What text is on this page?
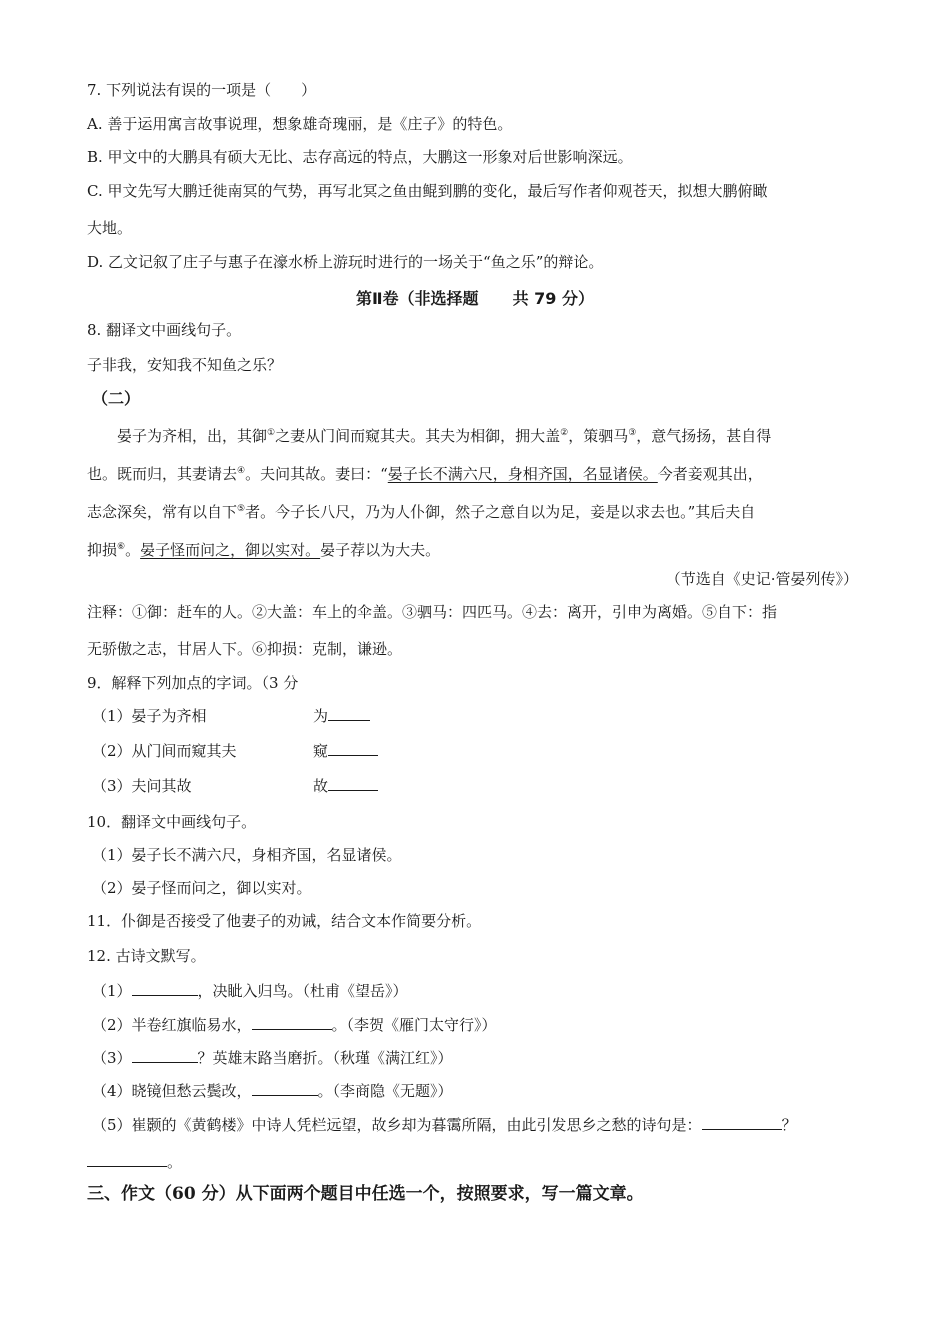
7. 下列说法有误的一项是（　　）
A. 善于运用寓言故事说理，想象雄奇瑰丽，是《庄子》的特色。
B. 甲文中的大鹏具有硕大无比、志存高远的特点，大鹏这一形象对后世影响深远。
C. 甲文先写大鹏迁徙南冥的气势，再写北冥之鱼由鲲到鹏的变化，最后写作者仰观苍天，拟想大鹏俯瞰
大地。
D. 乙文记叙了庄子与惠子在濠水桥上游玩时进行的一场关于“鱼之乐”的辩论。
第Ⅱ卷（非选择题 共 79 分）
8. 翻译文中画线句子。
子非我，安知我不知鱼之乐？
（二）
晏子为齐相，出，其御①之妻从门间而窥其夫。其夫为相御，拥大盖②，策驷马③，意气扬扬，甚自得
也。既而归，其妻请去④。夫问其故。妻曰：“晏子长不满六尺，身相齐国，名显诸侯。今者妾观其出，
志念深矣，常有以自下⑤者。今子长八尺，乃为人仆御，然子之意自以为足，妾是以求去也。”其后夫自
抑损⑥。晏子怪而问之，御以实对。晏子荐以为大夫。
（节选自《史记·管晏列传》）
注释：①御：赶车的人。②大盖：车上的伞盖。③驷马：四匹马。④去：离开，引申为离婚。⑤自下：指
无骄傲之志，甘居人下。⑥抑损：克制，谦逊。
9．解释下列加点的字词。（3 分
（1）晏子为齐相	为
（2）从门间而窥其夫	窥
（3）夫问其故	故
10．翻译文中画线句子。
（1）晏子长不满六尺，身相齐国，名显诸侯。
（2）晏子怪而问之，御以实对。
11．仆御是否接受了他妻子的劝诫，结合文本作简要分析。
12. 古诗文默写。
（1）	，决眦入归鸟。（杜甫《望岳》）
（2）半卷红旗临易水，	。（李贺《雁门太守行》）
（3）	？英雄末路当磨折。（秋瑾《满江红》）
（4）晓镜但愁云鬓改，	。（李商隐《无题》）
（5）崔颢的《黄鹤楼》中诗人凭栏远望，故乡却为暮霭所隔，由此引发思乡之愁的诗句是：	？
。
三、作文（60 分）从下面两个题目中任选一个，按照要求，写一篇文章。
